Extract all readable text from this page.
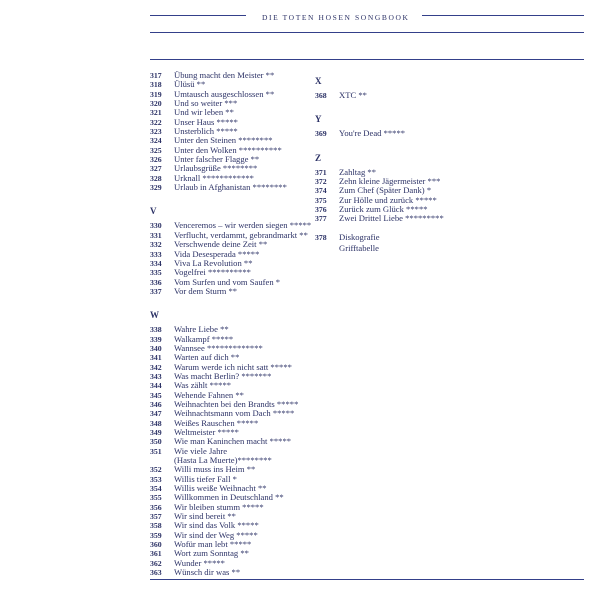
DIE TOTEN HOSEN SONGBOOK
317	Übung macht den Meister **
318	Ülüsü **
319	Umtausch ausgeschlossen **
320	Und so weiter ***
321	Und wir leben **
322	Unser Haus *****
323	Unsterblich *****
324	Unter den Steinen ********
325	Unter den Wolken **********
326	Unter falscher Flagge **
327	Urlaubsgrüße ********
328	Urknall ************
329	Urlaub in Afghanistan ********
V
330	Venceremos – wir werden siegen *****
331	Verflucht, verdammt, gebrandmarkt **
332	Verschwende deine Zeit **
333	Vida Desesperada *****
334	Viva La Revolution **
335	Vogelfrei **********
336	Vom Surfen und vom Saufen *
337	Vor dem Sturm **
W
338	Wahre Liebe **
339	Walkampf *****
340	Wannsee *************
341	Warten auf dich **
342	Warum werde ich nicht satt *****
343	Was macht Berlin? *******
344	Was zählt *****
345	Wehende Fahnen **
346	Weihnachten bei den Brandts *****
347	Weihnachtsmann vom Dach *****
348	Weißes Rauschen *****
349	Weltmeister *****
350	Wie man Kaninchen macht *****
351	Wie viele Jahre
(Hasta La Muerte)********
352	Willi muss ins Heim **
353	Willis tiefer Fall *
354	Willis weiße Weihnacht **
355	Willkommen in Deutschland **
356	Wir bleiben stumm *****
357	Wir sind bereit **
358	Wir sind das Volk *****
359	Wir sind der Weg *****
360	Wofür man lebt *****
361	Wort zum Sonntag **
362	Wunder *****
363	Wünsch dir was **
X
368	XTC **
Y
369	You're Dead *****
Z
371	Zahltag **
372	Zehn kleine Jägermeister ***
374	Zum Chef (Später Dank) *
375	Zur Hölle und zurück *****
376	Zurück zum Glück *****
377	Zwei Drittel Liebe *********
378	Diskografie
Grifftabelle
